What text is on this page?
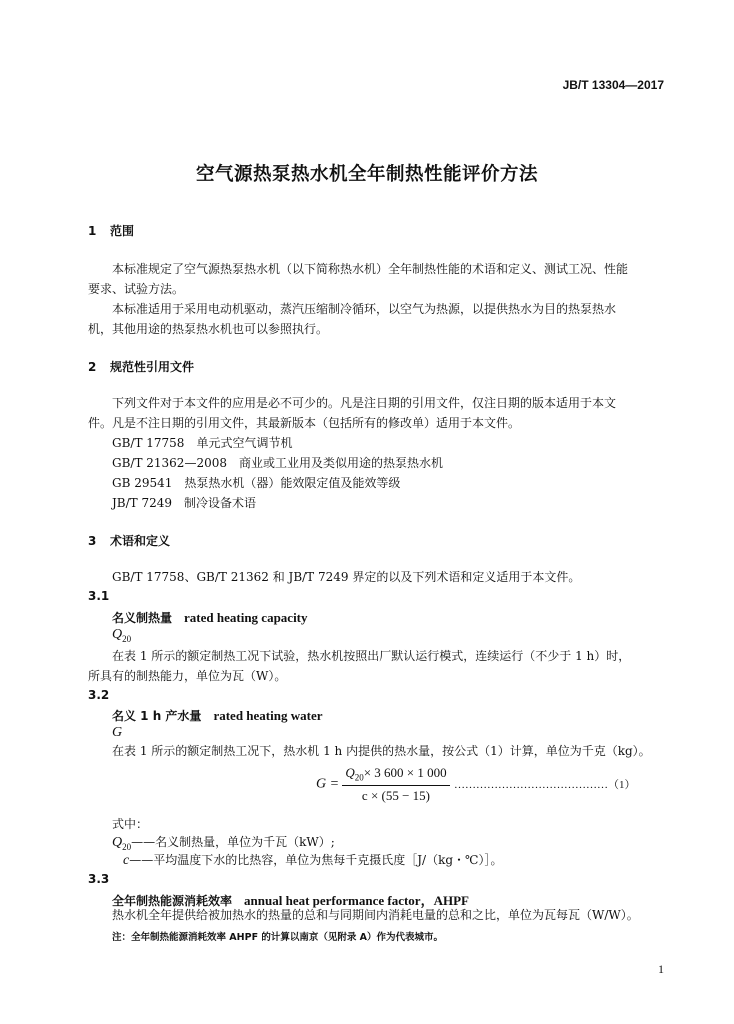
JB/T 13304—2017
空气源热泵热水机全年制热性能评价方法
1 范围
本标准规定了空气源热泵热水机（以下简称热水机）全年制热性能的术语和定义、测试工况、性能
要求、试验方法。
本标准适用于采用电动机驱动，蒸汽压缩制冷循环，以空气为热源，以提供热水为目的热泵热水
机，其他用途的热泵热水机也可以参照执行。
2 规范性引用文件
下列文件对于本文件的应用是必不可少的。凡是注日期的引用文件，仅注日期的版本适用于本文
件。凡是不注日期的引用文件，其最新版本（包括所有的修改单）适用于本文件。
GB/T 17758　 单元式空气调节机
GB/T 21362—2008　 商业或工业用及类似用途的热泵热水机
GB 29541　 热泵热水机（器）能效限定值及能效等级
JB/T 7249　 制冷设备术语
3 术语和定义
GB/T 17758、GB/T 21362 和 JB/T 7249 界定的以及下列术语和定义适用于本文件。
3.1
名义制热量　 rated heating capacity
$Q_{20}$
在表 1 所示的额定制热工况下试验，热水机按照出厂默认运行模式，连续运行（不少于 1 h）时，
所具有的制热能力，单位为瓦（W）。
3.2
名义 1 h 产水量　 rated heating water
G
在表 1 所示的额定制热工况下，热水机 1 h 内提供的热水量，按公式（1）计算，单位为千克（kg）。
$G = \frac{Q_{20}\times 3 600 \times 1 000}{c \times (55 - 15)}$ ……………………………………（1）
式中：
$Q_{20}——$名义制热量，单位为千瓦（kW）;
c——平均温度下水的比热容，单位为焦每千克摄氏度［J/（kg・℃）］。
3.3
全年制热能源消耗效率　 annual heat performance factor，AHPF
热水机全年提供给被加热水的热量的总和与同期间内消耗电量的总和之比，单位为瓦每瓦（W/W）。
注：全年制热能源消耗效率 AHPF 的计算以南京（见附录 A）作为代表城市。
1
